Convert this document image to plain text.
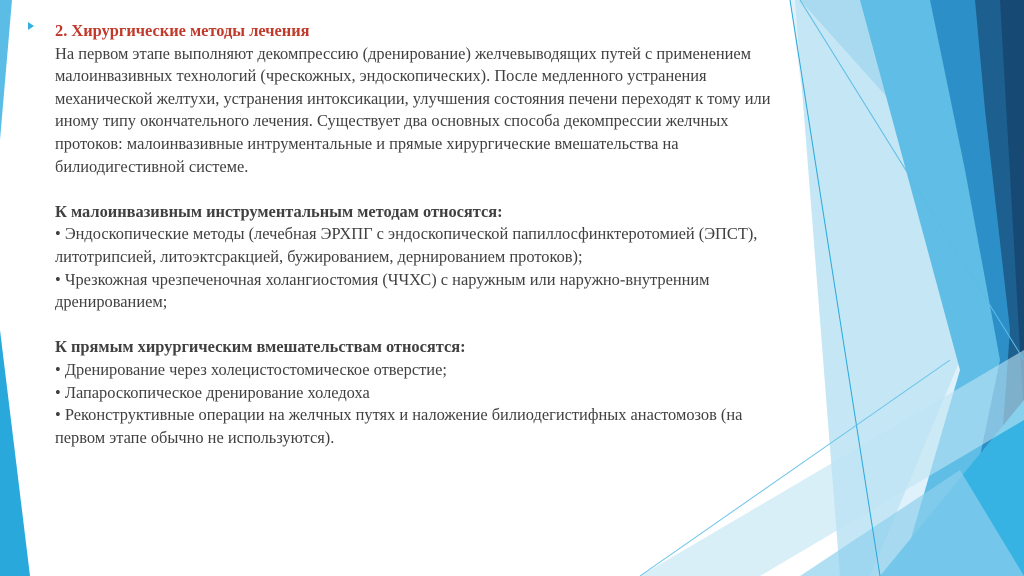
2. Хирургические методы лечения
На первом этапе выполняют декомпрессию (дренирование) желчевыводящих путей с применением малоинвазивных технологий (чрескожных, эндоскопических). После медленного устранения механической желтухи, устранения интоксикации, улучшения состояния печени переходят к тому или иному типу окончательного лечения. Существует два основных способа декомпрессии желчных протоков: малоинвазивные интрументальные и прямые хирургические вмешательства на билиодигестивной системе.
К малоинвазивным инструментальным методам относятся:
• Эндоскопические методы (лечебная ЭРХПГ с эндоскопической папиллосфинктеротомией (ЭПСТ), литотрипсией, литоэктсракцией, бужированием, дернированием протоков);
• Чрезкожная чрезпеченочная холангиостомия (ЧЧХС) с наружным или наружно-внутренним дренированием;
К прямым хирургическим вмешательствам относятся:
• Дренирование через холецистостомическое отверстие;
• Лапароскопическое дренирование холедоха
• Реконструктивные операции на желчных путях и наложение билиодегистифных анастомозов (на первом этапе обычно не используются).
